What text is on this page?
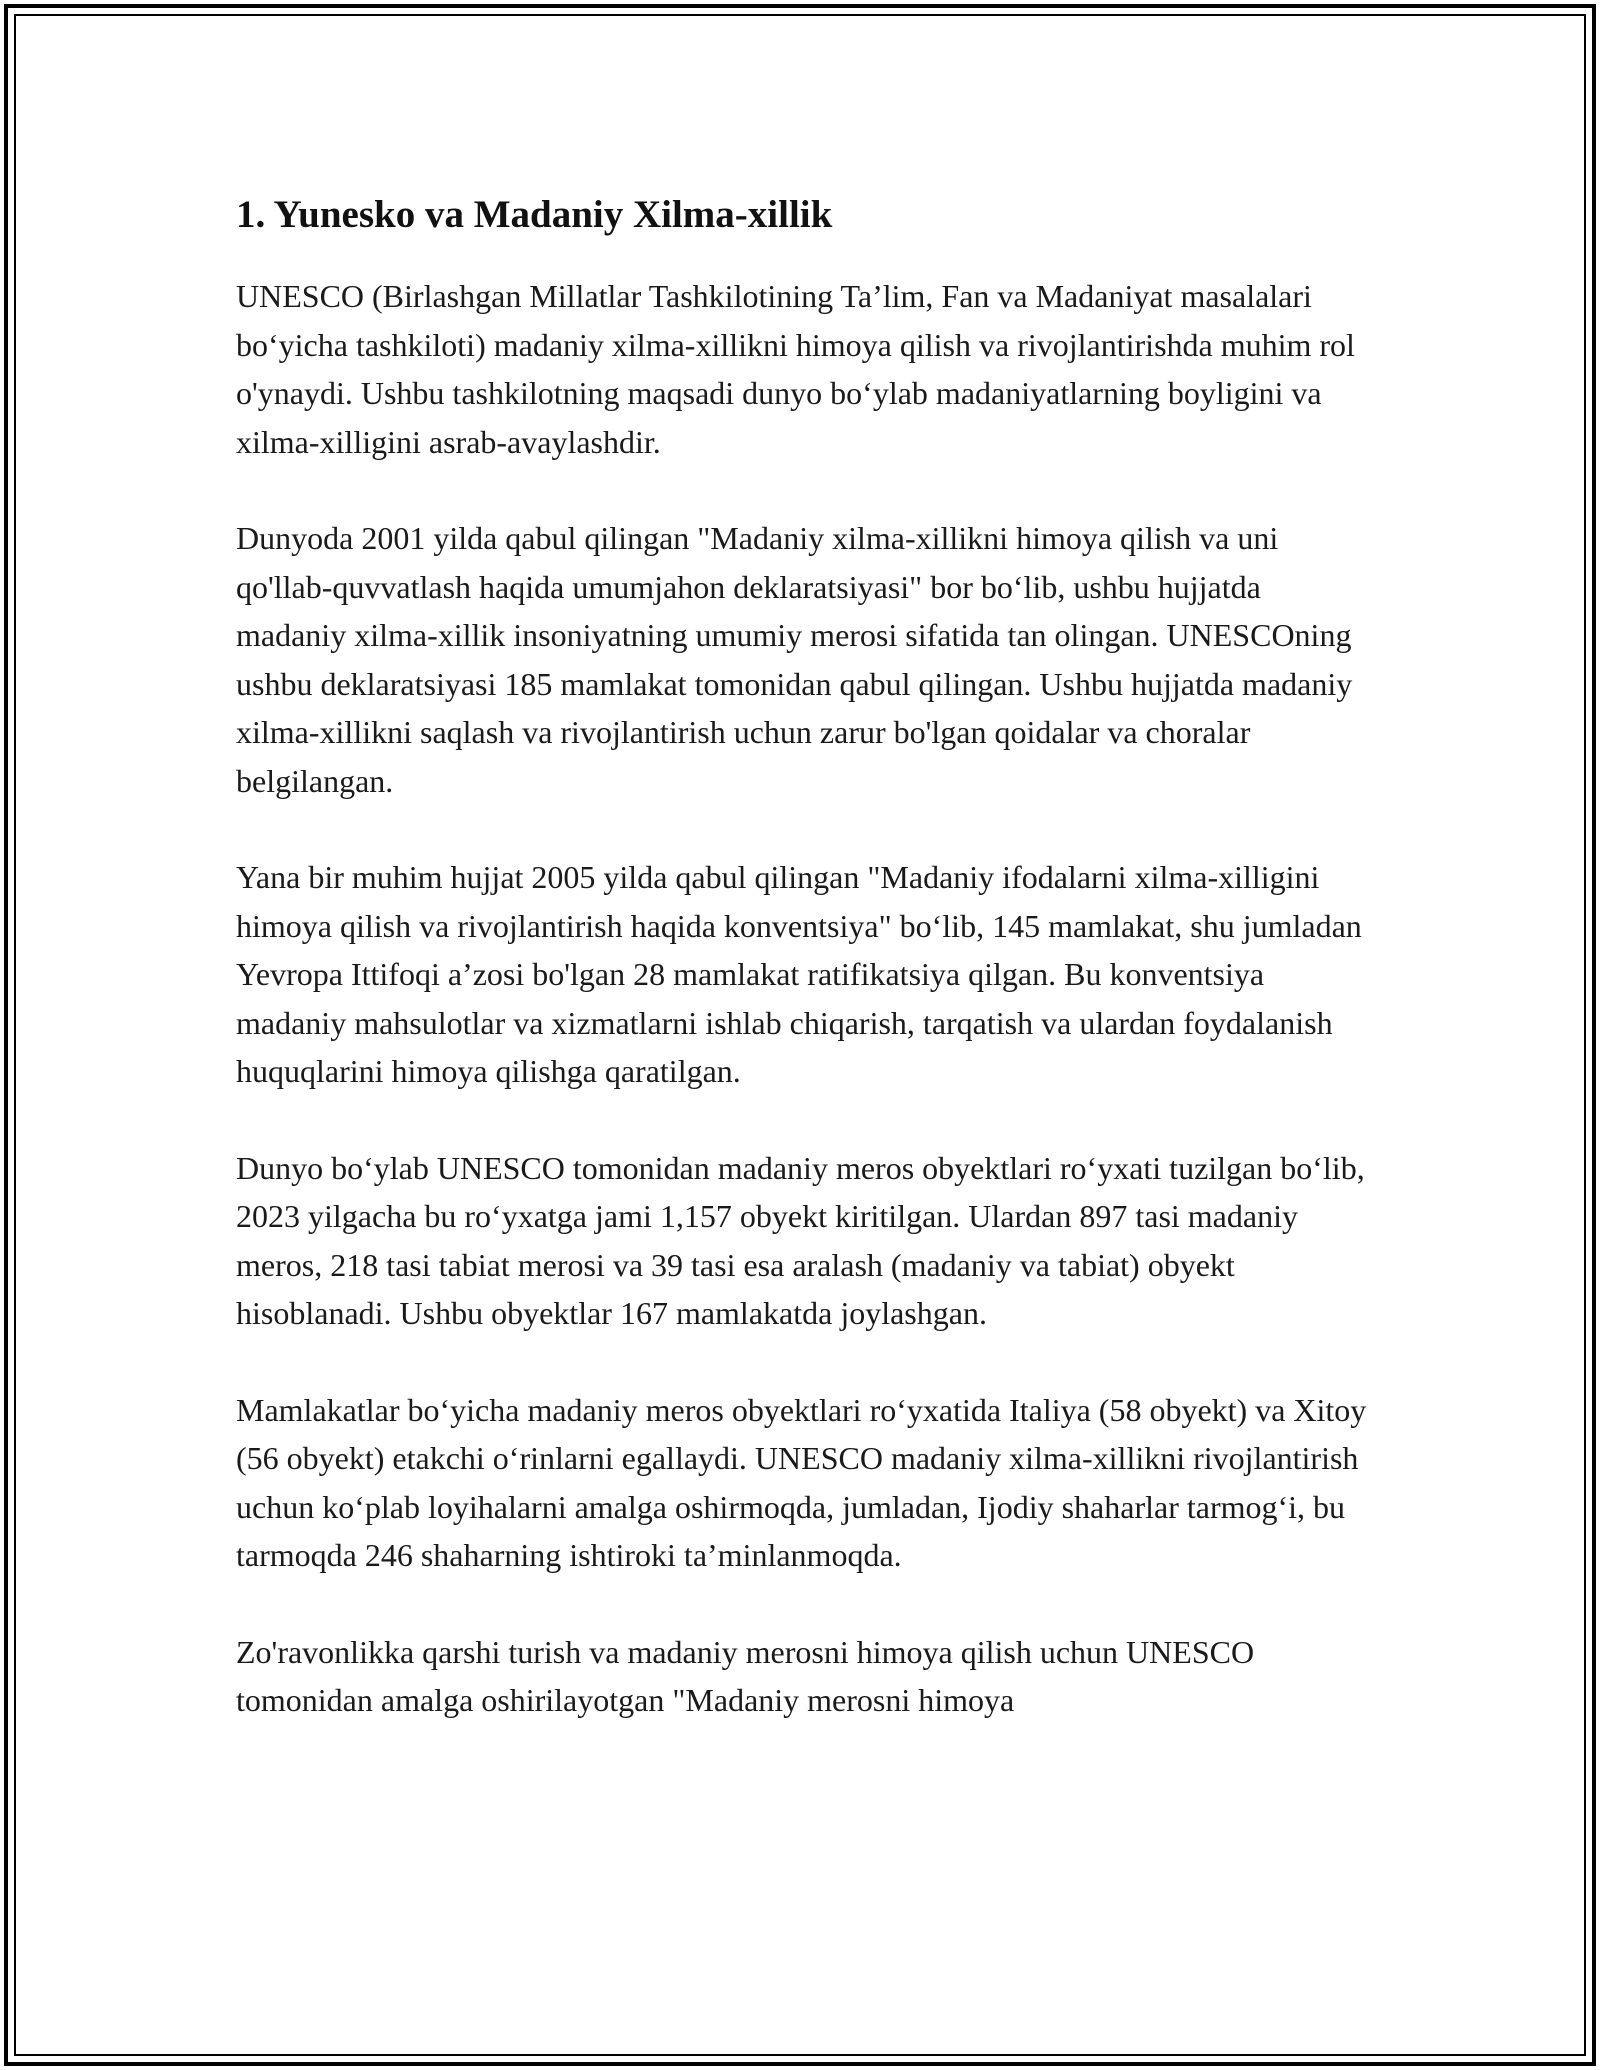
1. Yunesko va Madaniy Xilma-xillik

UNESCO (Birlashgan Millatlar Tashkilotining Ta’lim, Fan va Madaniyat masalalari bo‘yicha tashkiloti) madaniy xilma-xillikni himoya qilish va rivojlantirishda muhim rol o'ynaydi. Ushbu tashkilotning maqsadi dunyo bo‘ylab madaniyatlarning boyligini va xilma-xilligini asrab-avaylashdir.

Dunyoda 2001 yilda qabul qilingan "Madaniy xilma-xillikni himoya qilish va uni qo'llab-quvvatlash haqida umumjahon deklaratsiyasi" bor bo‘lib, ushbu hujjatda madaniy xilma-xillik insoniyatning umumiy merosi sifatida tan olingan. UNESCOning ushbu deklaratsiyasi 185 mamlakat tomonidan qabul qilingan. Ushbu hujjatda madaniy xilma-xillikni saqlash va rivojlantirish uchun zarur bo'lgan qoidalar va choralar belgilangan.

Yana bir muhim hujjat 2005 yilda qabul qilingan "Madaniy ifodalarni xilma-xilligini himoya qilish va rivojlantirish haqida konventsiya" bo‘lib, 145 mamlakat, shu jumladan Yevropa Ittifoqi a’zosi bo'lgan 28 mamlakat ratifikatsiya qilgan. Bu konventsiya madaniy mahsulotlar va xizmatlarni ishlab chiqarish, tarqatish va ulardan foydalanish huquqlarini himoya qilishga qaratilgan.

Dunyo bo‘ylab UNESCO tomonidan madaniy meros obyektlari ro‘yxati tuzilgan bo‘lib, 2023 yilgacha bu ro‘yxatga jami 1,157 obyekt kiritilgan. Ulardan 897 tasi madaniy meros, 218 tasi tabiat merosi va 39 tasi esa aralash (madaniy va tabiat) obyekt hisoblanadi. Ushbu obyektlar 167 mamlakatda joylashgan.

Mamlakatlar bo‘yicha madaniy meros obyektlari ro‘yxatida Italiya (58 obyekt) va Xitoy (56 obyekt) etakchi o‘rinlarni egallaydi. UNESCO madaniy xilma-xillikni rivojlantirish uchun ko‘plab loyihalarni amalga oshirmoqda, jumladan, Ijodiy shaharlar tarmog‘i, bu tarmoqda 246 shaharning ishtiroki ta’minlanmoqda.

Zo'ravonlikka qarshi turish va madaniy merosni himoya qilish uchun UNESCO tomonidan amalga oshirilayotgan "Madaniy merosni himoya
